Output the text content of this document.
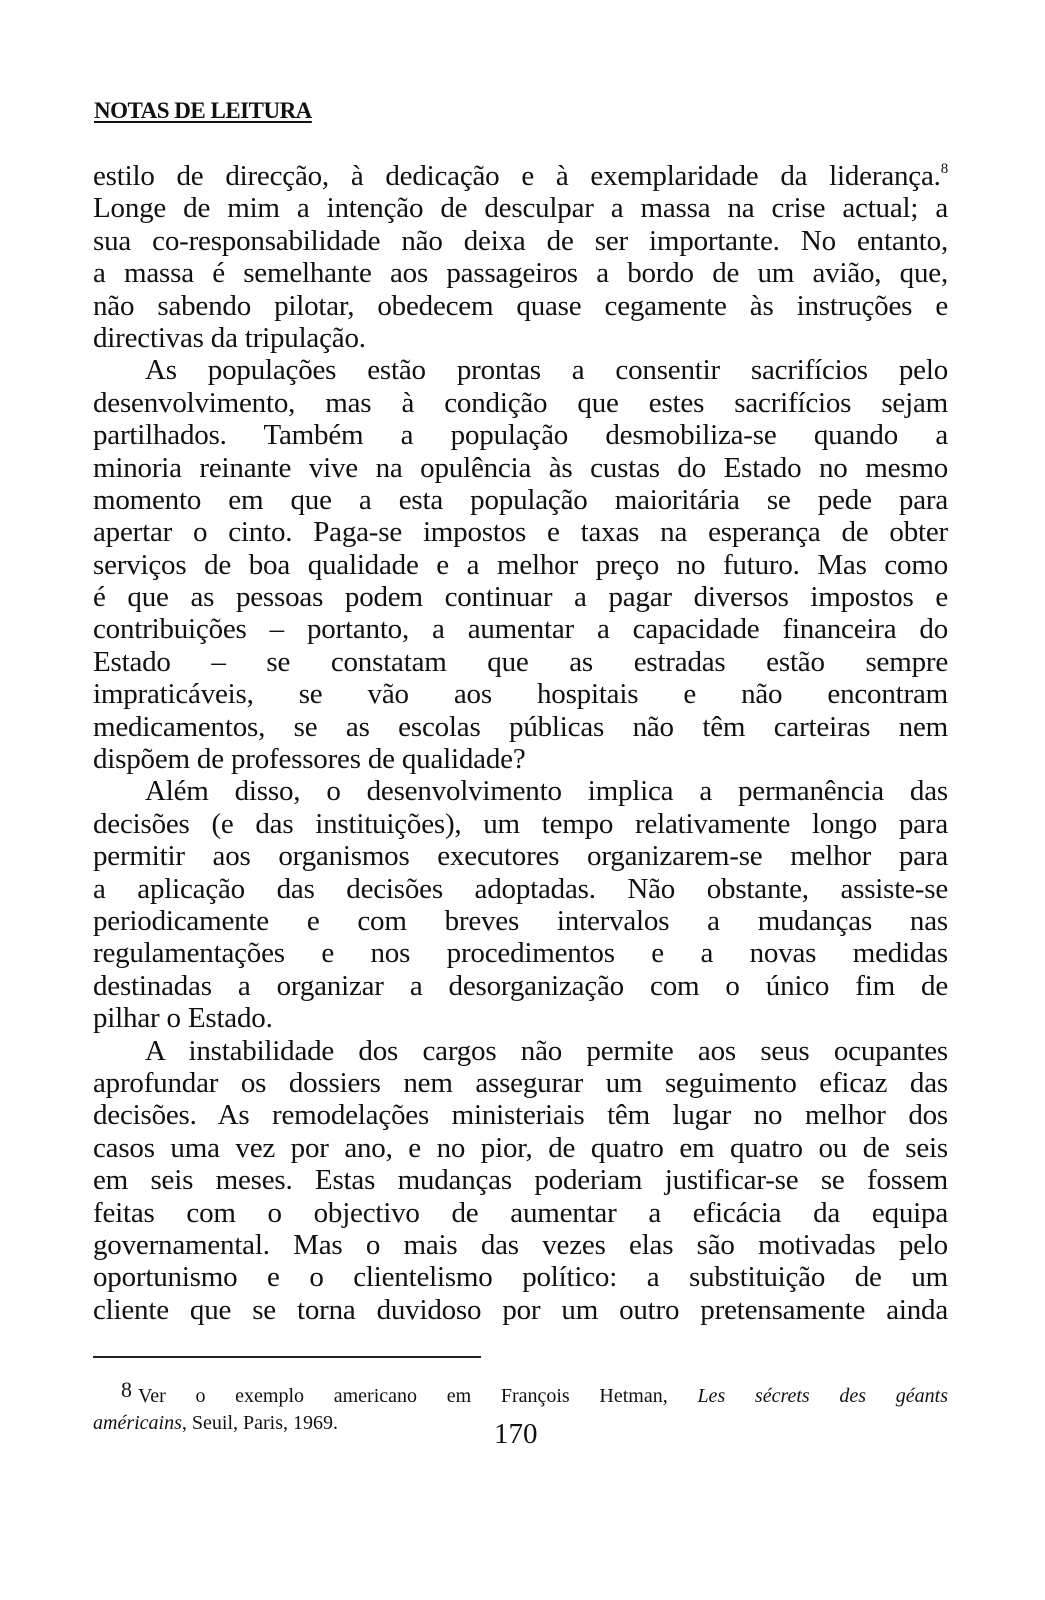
NOTAS DE LEITURA
estilo de direcção, à dedicação e à exemplaridade da liderança.$^8$
Longe de mim a intenção de desculpar a massa na crise actual; a
sua co-responsabilidade não deixa de ser importante. No entanto,
a massa é semelhante aos passageiros a bordo de um avião, que,
não sabendo pilotar, obedecem quase cegamente às instruções e
directivas da tripulação.
As populações estão prontas a consentir sacrifícios pelo
desenvolvimento, mas à condição que estes sacrifícios sejam
partilhados. Também a população desmobiliza-se quando a
minoria reinante vive na opulência às custas do Estado no mesmo
momento em que a esta população maioritária se pede para
apertar o cinto. Paga-se impostos e taxas na esperança de obter
serviços de boa qualidade e a melhor preço no futuro. Mas como
é que as pessoas podem continuar a pagar diversos impostos e
contribuições – portanto, a aumentar a capacidade financeira do
Estado – se constatam que as estradas estão sempre
impraticáveis, se vão aos hospitais e não encontram
medicamentos, se as escolas públicas não têm carteiras nem
dispõem de professores de qualidade?
Além disso, o desenvolvimento implica a permanência das
decisões (e das instituições), um tempo relativamente longo para
permitir aos organismos executores organizarem-se melhor para
a aplicação das decisões adoptadas. Não obstante, assiste-se
periodicamente e com breves intervalos a mudanças nas
regulamentações e nos procedimentos e a novas medidas
destinadas a organizar a desorganização com o único fim de
pilhar o Estado.
A instabilidade dos cargos não permite aos seus ocupantes
aprofundar os dossiers nem assegurar um seguimento eficaz das
decisões. As remodelações ministeriais têm lugar no melhor dos
casos uma vez por ano, e no pior, de quatro em quatro ou de seis
em seis meses. Estas mudanças poderiam justificar-se se fossem
feitas com o objectivo de aumentar a eficácia da equipa
governamental. Mas o mais das vezes elas são motivadas pelo
oportunismo e o clientelismo político: a substituição de um
cliente que se torna duvidoso por um outro pretensamente ainda
8 Ver o exemplo americano em François Hetman, Les sécrets des géants
américains, Seuil, Paris, 1969.	170
